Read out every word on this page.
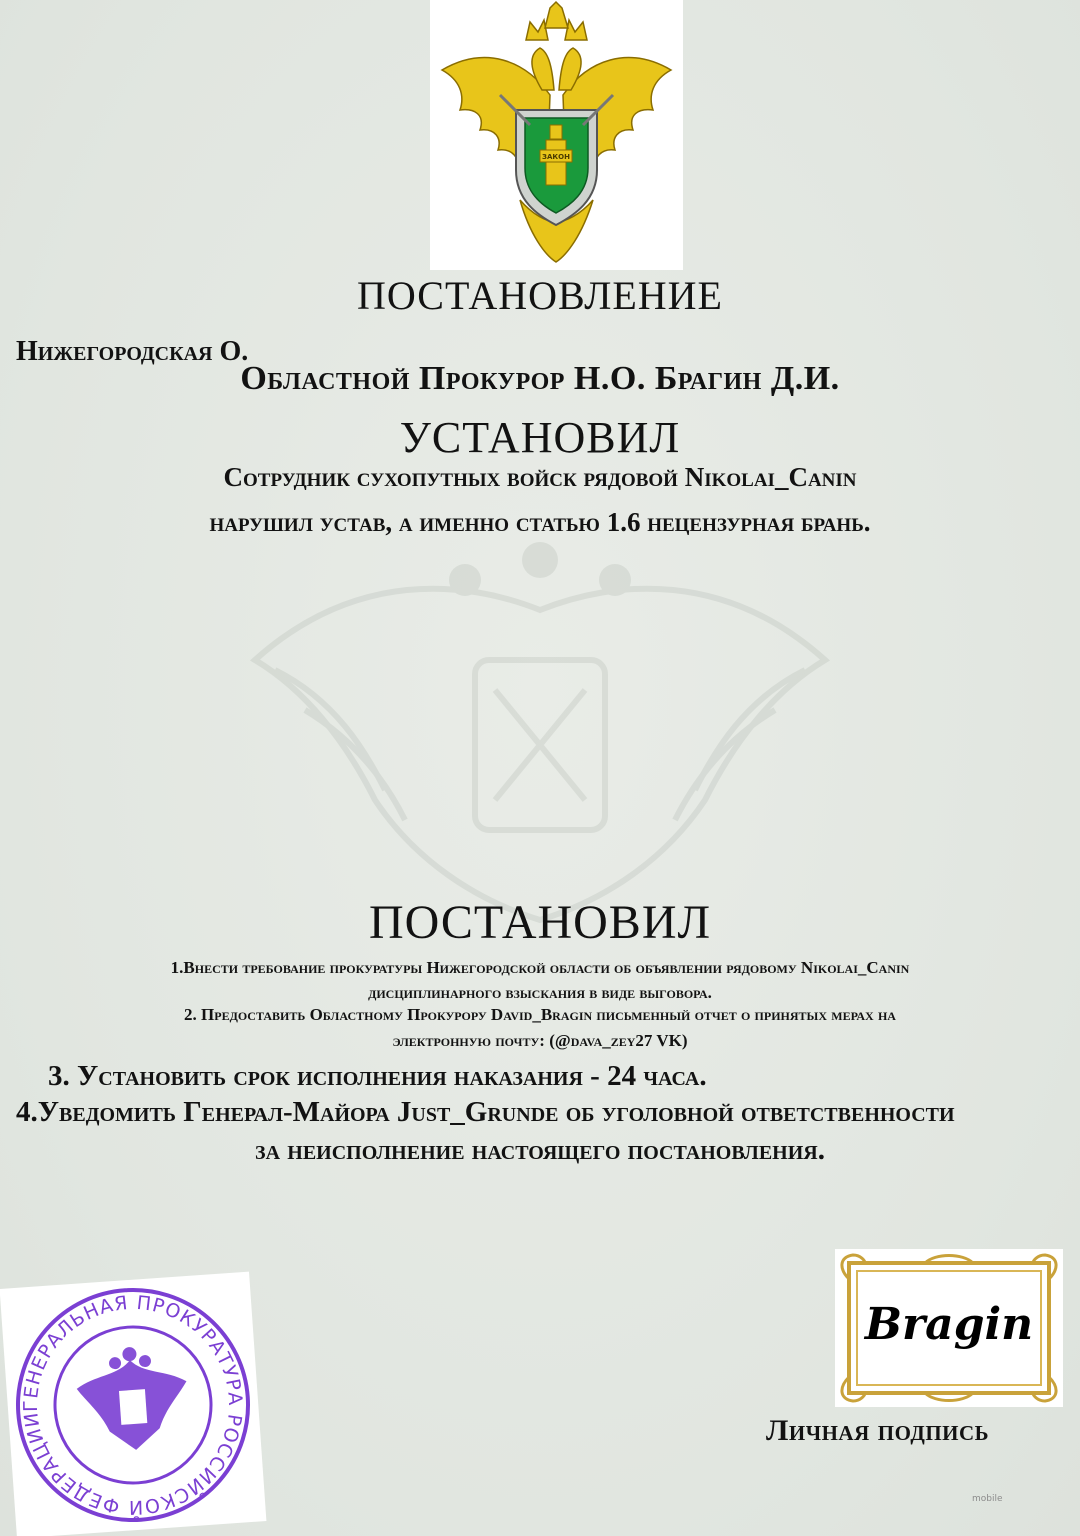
ЗАКОН
ПОСТАНОВЛЕНИЕ
Нижегородская О.
Областной Прокурор Н.О. Брагин Д.И.
УСТАНОВИЛ
Сотрудник сухопутных войск рядовой Nikolai_Canin
нарушил устав, а именно статью 1.6 нецензурная брань.
ПОСТАНОВИЛ
1.Внести требование прокуратуры Нижегородской области об объявлении рядовому Nikolai_Canin
дисциплинарного взыскания в виде выговора.
2. Предоставить Областному Прокурору David_Bragin письменный отчет о принятых мерах на
электронную почту: (@dava_zey27 VK)
3. Установить срок исполнения наказания - 24 часа.
4.Уведомить Генерал-Майора Just_Grunde об уголовной ответственности
за неисполнение настоящего постановления.
ГЕНЕРАЛЬНАЯ ПРОКУРАТУРА РОССИЙСКОЙ ФЕДЕРАЦИИ
Bragin
Личная подпись
mobile
